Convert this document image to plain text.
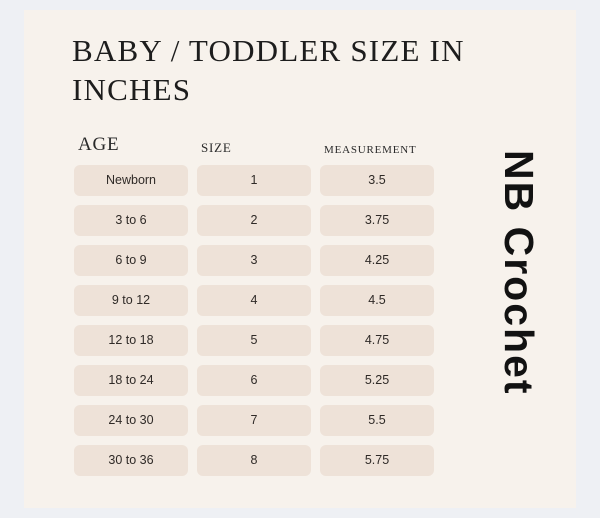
BABY / TODDLER SIZE IN INCHES
AGE	SIZE	MEASUREMENT
Newborn	1	3.5
3 to 6	2	3.75
6 to 9	3	4.25
9 to 12	4	4.5
12 to 18	5	4.75
18 to 24	6	5.25
24 to 30	7	5.5
30 to 36	8	5.75
NB Crochet
